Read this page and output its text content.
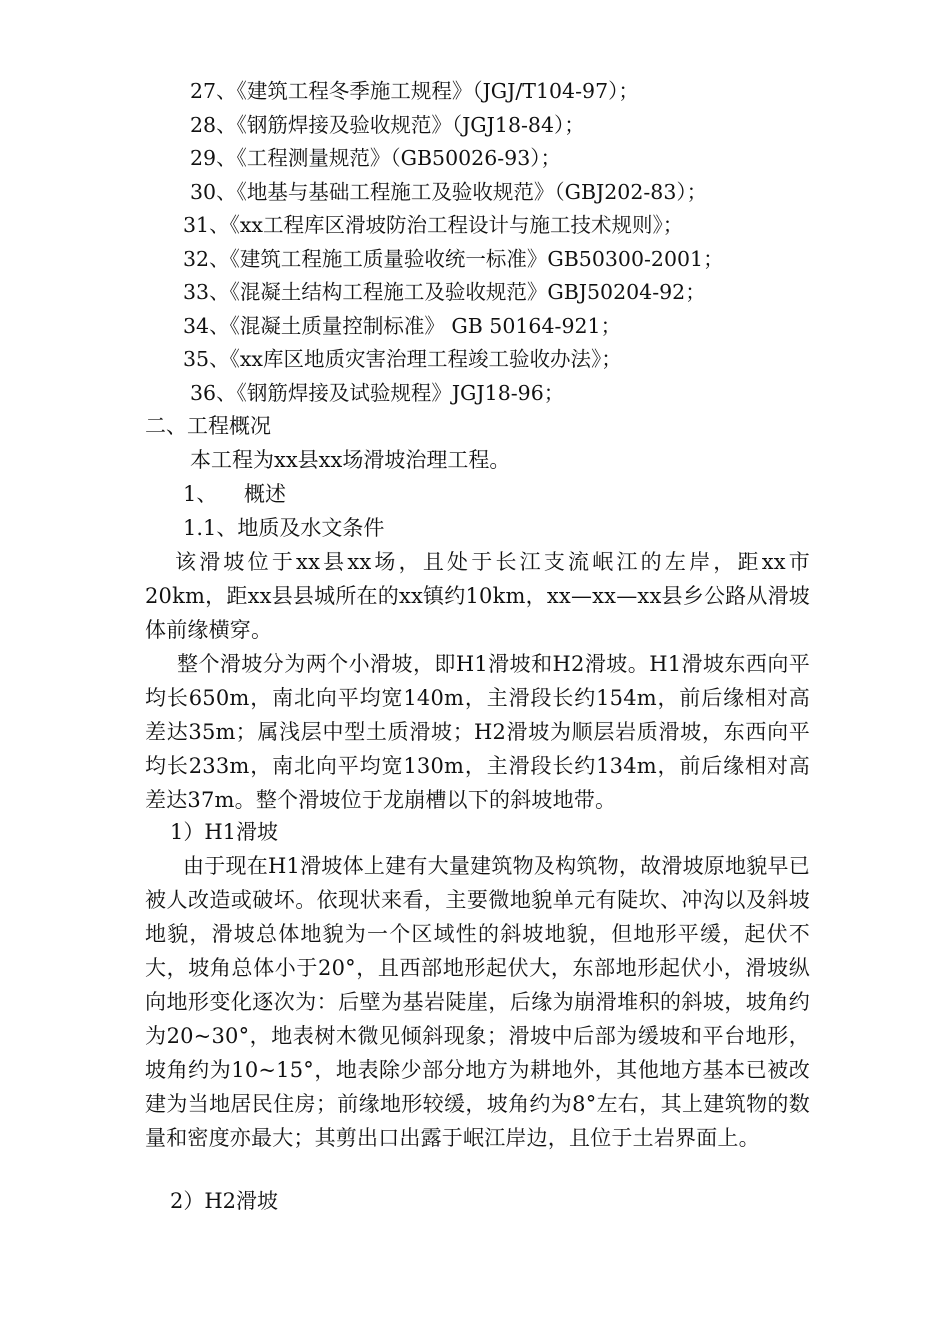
27、《建筑工程冬季施工规程》（JGJ/T104-97）；
28、《钢筋焊接及验收规范》（JGJ18-84）；
29、《工程测量规范》（GB50026-93）；
30、《地基与基础工程施工及验收规范》（GBJ202-83）；
31、《xx工程库区滑坡防治工程设计与施工技术规则》；
32、《建筑工程施工质量验收统一标准》GB50300-2001；
33、《混凝土结构工程施工及验收规范》GBJ50204-92；
34、《混凝土质量控制标准》 GB 50164-921；
35、《xx库区地质灾害治理工程竣工验收办法》；
36、《钢筋焊接及试验规程》JGJ18-96；
二、工程概况
本工程为xx县xx场滑坡治理工程。
1、    概述
1.1、地质及水文条件
该滑坡位于xx县xx场，且处于长江支流岷江的左岸，距xx市20km，距xx县县城所在的xx镇约10km，xx—xx—xx县乡公路从滑坡体前缘横穿。
整个滑坡分为两个小滑坡，即H1滑坡和H2滑坡。H1滑坡东西向平均长650m，南北向平均宽140m，主滑段长约154m，前后缘相对高差达35m；属浅层中型土质滑坡；H2滑坡为顺层岩质滑坡，东西向平均长233m，南北向平均宽130m，主滑段长约134m，前后缘相对高差达37m。整个滑坡位于龙崩槽以下的斜坡地带。
1）H1滑坡
由于现在H1滑坡体上建有大量建筑物及构筑物，故滑坡原地貌早已被人改造或破坏。依现状来看，主要微地貌单元有陡坎、冲沟以及斜坡地貌，滑坡总体地貌为一个区域性的斜坡地貌，但地形平缓，起伏不大，坡角总体小于20°，且西部地形起伏大，东部地形起伏小，滑坡纵向地形变化逐次为：后壁为基岩陡崖，后缘为崩滑堆积的斜坡，坡角约为20~30°，地表树木微见倾斜现象；滑坡中后部为缓坡和平台地形，坡角约为10~15°，地表除少部分地方为耕地外，其他地方基本已被改建为当地居民住房；前缘地形较缓，坡角约为8°左右，其上建筑物的数量和密度亦最大；其剪出口出露于岷江岸边，且位于土岩界面上。
2）H2滑坡
